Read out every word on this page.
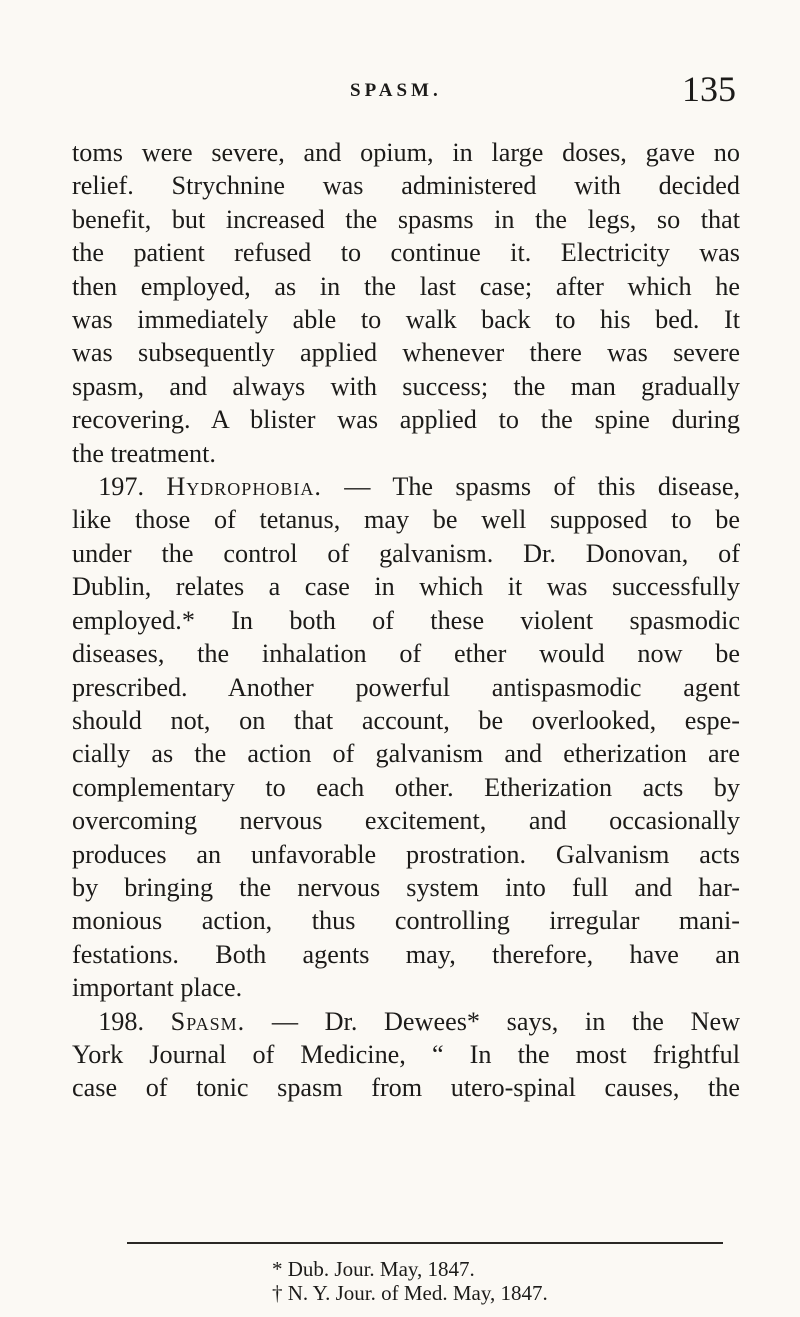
SPASM.	135
toms were severe, and opium, in large doses, gave no
relief. Strychnine was administered with decided
benefit, but increased the spasms in the legs, so that
the patient refused to continue it. Electricity was
then employed, as in the last case; after which he
was immediately able to walk back to his bed. It
was subsequently applied whenever there was severe
spasm, and always with success; the man gradually
recovering. A blister was applied to the spine during
the treatment.
 197. Hydrophobia. — The spasms of this disease,
like those of tetanus, may be well supposed to be
under the control of galvanism. Dr. Donovan, of
Dublin, relates a case in which it was successfully
employed.* In both of these violent spasmodic
diseases, the inhalation of ether would now be
prescribed. Another powerful antispasmodic agent
should not, on that account, be overlooked, espe-
cially as the action of galvanism and etherization are
complementary to each other. Etherization acts by
overcoming nervous excitement, and occasionally
produces an unfavorable prostration. Galvanism acts
by bringing the nervous system into full and har-
monious action, thus controlling irregular mani-
festations. Both agents may, therefore, have an
important place.
 198. Spasm. — Dr. Dewees* says, in the New
York Journal of Medicine, “ In the most frightful
case of tonic spasm from utero-spinal causes, the
* Dub. Jour. May, 1847.
† N. Y. Jour. of Med. May, 1847.
